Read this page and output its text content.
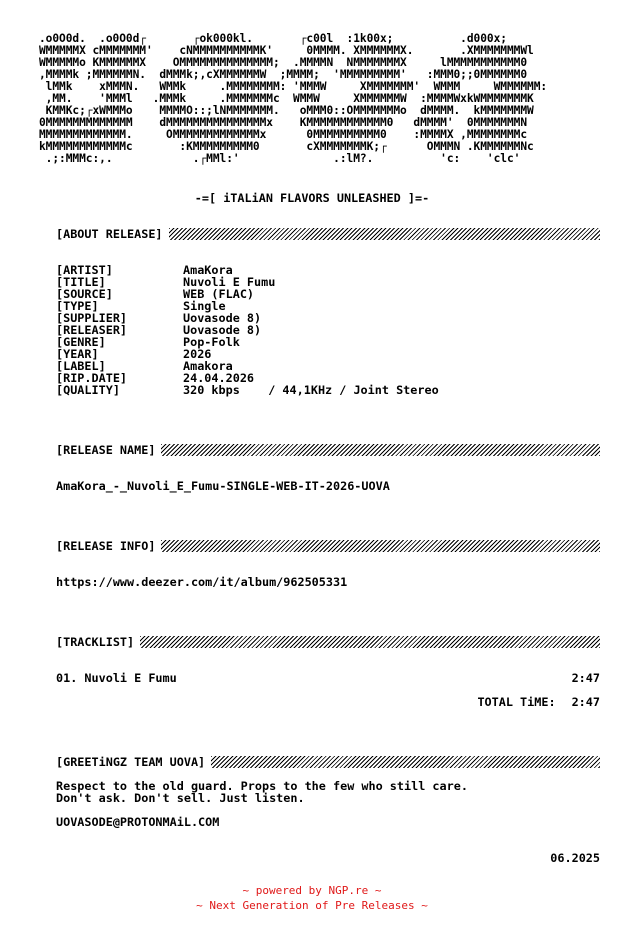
.o0O0d.  .o0O0d┌       ┌ok000kl.       ┌c00l  :1k00x;          .d000x;
WMMMMMX cMMMMMMM'    cNMMMMMMMMMMK'     0MMMM. XMMMMMMX.       .XMMMMMMMWl
WMMMMMo KMMMMMMX    OMMMMMMMMMMMMMM;  .MMMMN  NMMMMMMMX     lMMMMMMMMMMM0
,MMMMk ;MMMMMMN.  dMMMk;,cXMMMMMMW  ;MMMM;  'MMMMMMMMM'   :MMM0;;0MMMMMM0
lMMk    xMMMN.   WMMk     .MMMMMMMM: 'MMMW     XMMMMMMM'  WMMM     WMMMMMM:
,MM.    'MMMl   .MMMk     .MMMMMMMc  WMMW     XMMMMMMW  :MMMMWxkWMMMMMMMK
KMMKc;┌xWMMMo    MMMMO::;lNMMMMMMM.   oMMM0::OMMMMMMMo  dMMMM.  kMMMMMMMW
0MMMMMMMMMMMMM    dMMMMMMMMMMMMMMMx    KMMMMMMMMMMMM0   dMMMM'  0MMMMMMMN
MMMMMMMMMMMMM.     OMMMMMMMMMMMMMx      0MMMMMMMMMM0    :MMMMX ,MMMMMMMMc
kMMMMMMMMMMMMc       :KMMMMMMMMM0       cXMMMMMMMK;┌      OMMMN .KMMMMMMNc
.;:MMMc:,.            .┌MMl:'              .:lM?.          'c:    'clc'
-=[ iTALiAN FLAVORS UNLEASHED ]=-
[ABOUT RELEASE]
[ARTIST]	AmaKora
[TITLE]	Nuvoli E Fumu
[SOURCE]	WEB (FLAC)
[TYPE]	Single
[SUPPLIER]	Uovasode 8)
[RELEASER]	Uovasode 8)
[GENRE]	Pop-Folk
[YEAR]	2026
[LABEL]	Amakora
[RIP.DATE]	24.04.2026
[QUALITY]	320 kbps    / 44,1KHz / Joint Stereo
[RELEASE NAME]
AmaKora_-_Nuvoli_E_Fumu-SINGLE-WEB-IT-2026-UOVA
[RELEASE INFO]
https://www.deezer.com/it/album/962505331
[TRACKLIST]
01. Nuvoli E Fumu	2:47
TOTAL TiME: 2:47
[GREETiNGZ TEAM UOVA]
Respect to the old guard. Props to the few who still care.
Don't ask. Don't sell. Just listen.
UOVASODE@PROTONMAiL.COM
06.2025
~ powered by NGP.re ~
~ Next Generation of Pre Releases ~
